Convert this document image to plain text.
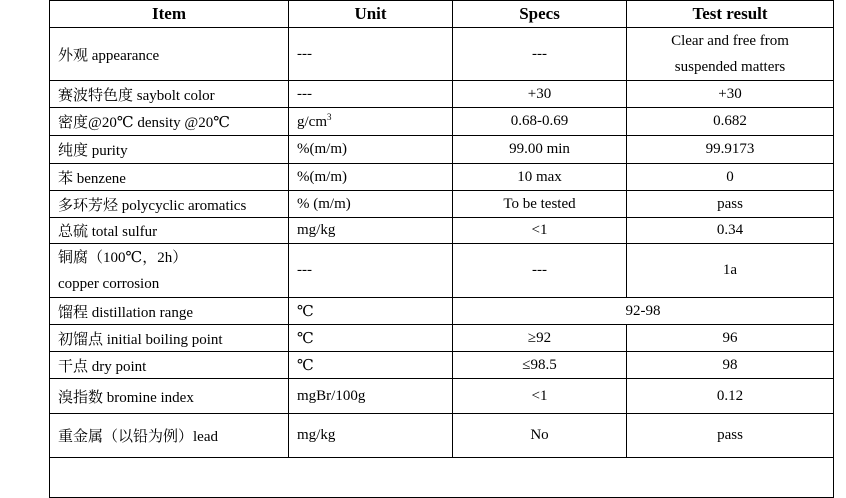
Item	Unit	Specs	Test result
外观 appearance	---	---	Clear and free from
suspended matters

赛波特色度 saybolt color	---	+30	+30
密度@20℃ density @20℃	$g/cm^3$	0.68-0.69	0.682
纯度 purity	%(m/m)	99.00 min	99.9173
苯 benzene	%(m/m)	10 max	0
多环芳烃 polycyclic aromatics	% (m/m)	To be tested	pass
总硫 total sulfur	mg/kg	<1	0.34

铜腐（100℃，2h）
copper corrosion	---	---	1a
馏程 distillation range	℃	92-98	
初馏点 initial boiling point	℃	≥92	96
干点 dry point	℃	≤98.5	98
溴指数 bromine index	mgBr/100g	<1	0.12
重金属（以铅为例）lead	mg/kg	No	pass
